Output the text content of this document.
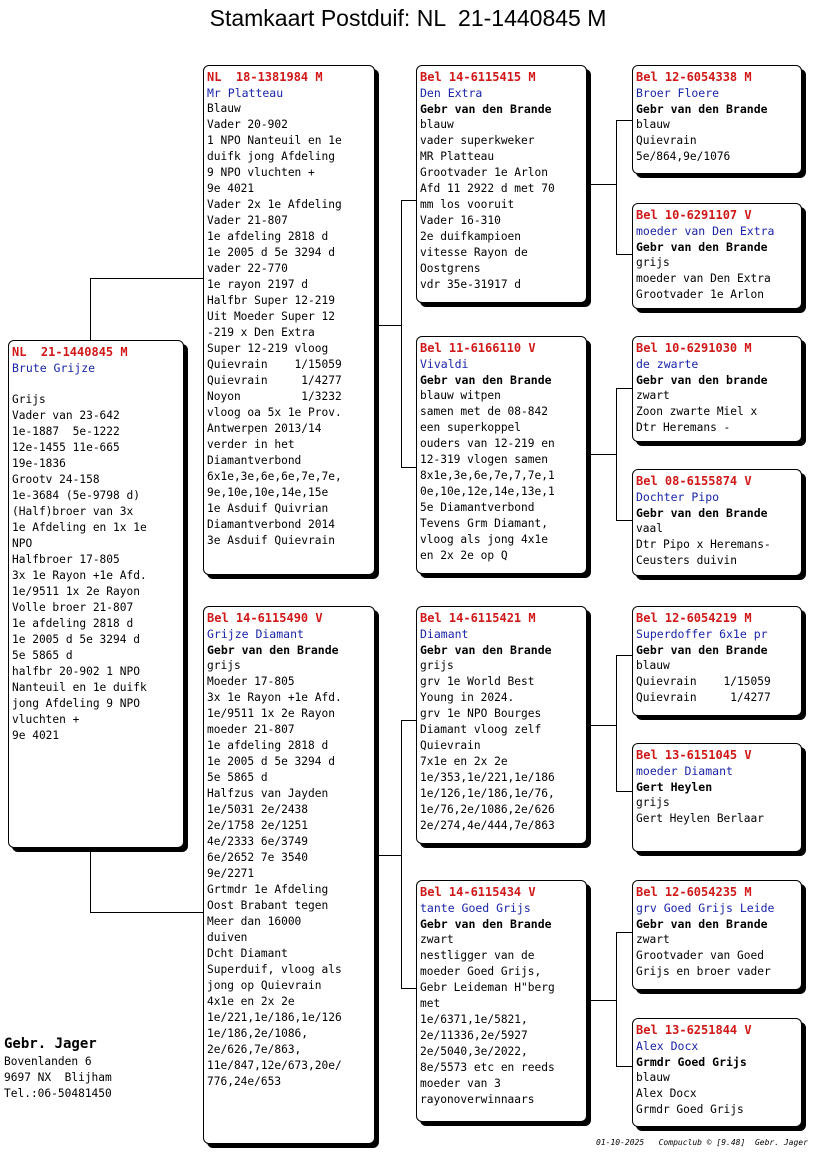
Stamkaart Postduif: NL  21-1440845 M
NL  21-1440845 M
Brute Grijze

Grijs
Vader van 23-642
1e-1887  5e-1222
12e-1455 11e-665
19e-1836
Grootv 24-158
1e-3684 (5e-9798 d)
(Half)broer van 3x
1e Afdeling en 1x 1e
NPO
Halfbroer 17-805
3x 1e Rayon +1e Afd.
1e/9511 1x 2e Rayon
Volle broer 21-807
1e afdeling 2818 d
1e 2005 d 5e 3294 d
5e 5865 d
halfbr 20-902 1 NPO
Nanteuil en 1e duifk
jong Afdeling 9 NPO
vluchten +
9e 4021
NL  18-1381984 M
Mr Platteau
Blauw
Vader 20-902
1 NPO Nanteuil en 1e
duifk jong Afdeling
9 NPO vluchten +
9e 4021
Vader 2x 1e Afdeling
Vader 21-807
1e afdeling 2818 d
1e 2005 d 5e 3294 d
vader 22-770
1e rayon 2197 d
Halfbr Super 12-219
Uit Moeder Super 12
-219 x Den Extra
Super 12-219 vloog
Quievrain    1/15059
Quievrain     1/4277
Noyon         1/3232
vloog oa 5x 1e Prov.
Antwerpen 2013/14
verder in het
Diamantverbond
6x1e,3e,6e,6e,7e,7e,
9e,10e,10e,14e,15e
1e Asduif Quivrian
Diamantverbond 2014
3e Asduif Quievrain
Bel 14-6115490 V
Grijze Diamant
Gebr van den Brande
grijs
Moeder 17-805
3x 1e Rayon +1e Afd.
1e/9511 1x 2e Rayon
moeder 21-807
1e afdeling 2818 d
1e 2005 d 5e 3294 d
5e 5865 d
Halfzus van Jayden
1e/5031 2e/2438
2e/1758 2e/1251
4e/2333 6e/3749
6e/2652 7e 3540
9e/2271
Grtmdr 1e Afdeling
Oost Brabant tegen
Meer dan 16000
duiven
Dcht Diamant
Superduif, vloog als
jong op Quievrain
4x1e en 2x 2e
1e/221,1e/186,1e/126
1e/186,2e/1086,
2e/626,7e/863,
11e/847,12e/673,20e/
776,24e/653
Bel 14-6115415 M
Den Extra
Gebr van den Brande
blauw
vader superkweker
MR Platteau
Grootvader 1e Arlon
Afd 11 2922 d met 70
mm los vooruit
Vader 16-310
2e duifkampioen
vitesse Rayon de
Oostgrens
vdr 35e-31917 d
Bel 11-6166110 V
Vivaldi
Gebr van den Brande
blauw witpen
samen met de 08-842
een superkoppel
ouders van 12-219 en
12-319 vlogen samen
8x1e,3e,6e,7e,7,7e,1
0e,10e,12e,14e,13e,1
5e Diamantverbond
Tevens Grm Diamant,
vloog als jong 4x1e
en 2x 2e op Q
Bel 14-6115421 M
Diamant
Gebr van den Brande
grijs
grv 1e World Best
Young in 2024.
grv 1e NPO Bourges
Diamant vloog zelf
Quievrain
7x1e en 2x 2e
1e/353,1e/221,1e/186
1e/126,1e/186,1e/76,
1e/76,2e/1086,2e/626
2e/274,4e/444,7e/863
Bel 14-6115434 V
tante Goed Grijs
Gebr van den Brande
zwart
nestligger van de
moeder Goed Grijs,
Gebr Leideman H"berg
met
1e/6371,1e/5821,
2e/11336,2e/5927
2e/5040,3e/2022,
8e/5573 etc en reeds
moeder van 3
rayonoverwinnaars
Bel 12-6054338 M
Broer Floere
Gebr van den Brande
blauw
Quievrain
5e/864,9e/1076
Bel 10-6291107 V
moeder van Den Extra
Gebr van den Brande
grijs
moeder van Den Extra
Grootvader 1e Arlon
Bel 10-6291030 M
de zwarte
Gebr van den brande
zwart
Zoon zwarte Miel x
Dtr Heremans -
Bel 08-6155874 V
Dochter Pipo
Gebr van den Brande
vaal
Dtr Pipo x Heremans-
Ceusters duivin
Bel 12-6054219 M
Superdoffer 6x1e pr
Gebr van den Brande
blauw
Quievrain    1/15059
Quievrain     1/4277
Bel 13-6151045 V
moeder Diamant
Gert Heylen
grijs
Gert Heylen Berlaar
Bel 12-6054235 M
grv Goed Grijs Leide
Gebr van den Brande
zwart
Grootvader van Goed
Grijs en broer vader
Bel 13-6251844 V
Alex Docx
Grmdr Goed Grijs
blauw
Alex Docx
Grmdr Goed Grijs
Gebr. Jager
Bovenlanden 6
9697 NX  Blijham
Tel.:06-50481450
01-10-2025   Compuclub © [9.48]  Gebr. Jager
